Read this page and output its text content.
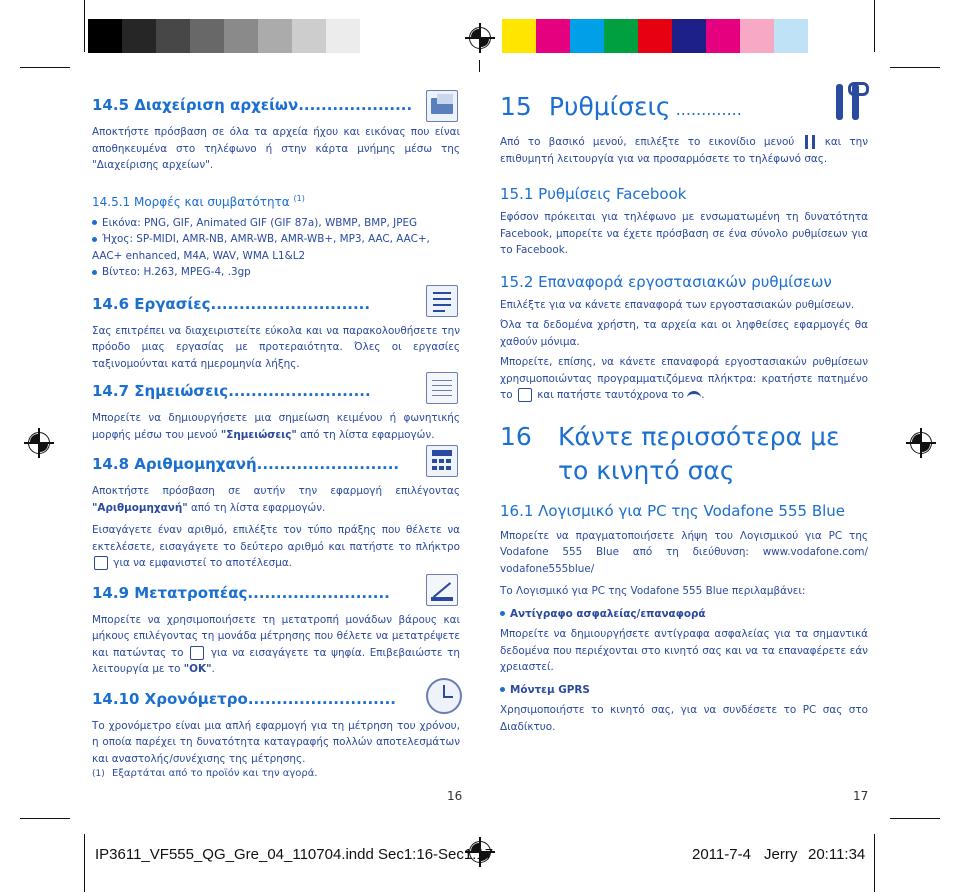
14.5 Διαχείριση αρχείων....................

Αποκτήστε πρόσβαση σε όλα τα αρχεία ήχου και εικόνας που είναι αποθηκευμένα στο τηλέφωνο ή στην κάρτα μνήμης μέσω της "Διαχείρισης αρχείων".

14.5.1 Μορφές και συμβατότητα $^{(1)}$

Εικόνα: PNG, GIF, Animated GIF (GIF 87a), WBMP, BMP, JPEG

Ήχος: SP-MIDI, AMR-NB, AMR-WB, AMR-WB+, MP3, AAC, AAC+, AAC+ enhanced, M4A, WAV, WMA L1&L2

Βίντεο: H.263, MPEG-4, .3gp

14.6 Εργασίες............................

Σας επιτρέπει να διαχειριστείτε εύκολα και να παρακολουθήσετε την πρόοδο μιας εργασίας με προτεραιότητα. Όλες οι εργασίες ταξινομούνται κατά ημερομηνία λήξης.

14.7 Σημειώσεις.........................

Μπορείτε να δημιουργήσετε μια σημείωση κειμένου ή φωνητικής μορφής μέσω του μενού "Σημειώσεις" από τη λίστα εφαρμογών.

14.8 Αριθμομηχανή.........................

Αποκτήστε πρόσβαση σε αυτήν την εφαρμογή επιλέγοντας "Αριθμομηχανή" από τη λίστα εφαρμογών.

Εισαγάγετε έναν αριθμό, επιλέξτε τον τύπο πράξης που θέλετε να εκτελέσετε, εισαγάγετε το δεύτερο αριθμό και πατήστε το πλήκτρο  για να εμφανιστεί το αποτέλεσμα.

14.9 Μετατροπέας.........................

Μπορείτε να χρησιμοποιήσετε τη μετατροπή μονάδων βάρους και μήκους επιλέγοντας τη μονάδα μέτρησης που θέλετε να μετατρέψετε και πατώντας το  για να εισαγάγετε τα ψηφία. Επιβεβαιώστε τη λειτουργία με το "OK".

14.10 Χρονόμετρο..........................

Το χρονόμετρο είναι μια απλή εφαρμογή για τη μέτρηση του χρόνου, η οποία παρέχει τη δυνατότητα καταγραφής πολλών αποτελεσμάτων και αναστολής/συνέχισης της μέτρησης.

(1) Εξαρτάται από το προϊόν και την αγορά.
16
15 Ρυθμίσεις .............

Από το βασικό μενού, επιλέξτε το εικονίδιο μενού	και την επιθυμητή λειτουργία για να προσαρμόσετε το τηλέφωνό σας.

15.1 Ρυθμίσεις Facebook

Εφόσον πρόκειται για τηλέφωνο με ενσωματωμένη τη δυνατότητα Facebook, μπορείτε να έχετε πρόσβαση σε ένα σύνολο ρυθμίσεων για το Facebook.

15.2 Επαναφορά εργοστασιακών ρυθμίσεων

Επιλέξτε για να κάνετε επαναφορά των εργοστασιακών ρυθμίσεων.

Όλα τα δεδομένα χρήστη, τα αρχεία και οι ληφθείσες εφαρμογές θα χαθούν μόνιμα.

Μπορείτε, επίσης, να κάνετε επαναφορά εργοστασιακών ρυθμίσεων χρησιμοποιώντας προγραμματιζόμενα πλήκτρα: κρατήστε πατημένο το  και πατήστε ταυτόχρονα το .

16 Κάντε περισσότερα με
το κινητό σας

16.1 Λογισμικό για PC της Vodafone 555 Blue

Μπορείτε να πραγματοποιήσετε λήψη του Λογισμικού για PC της Vodafone 555 Blue από τη διεύθυνση: www.vodafone.com/ vodafone555blue/

Το Λογισμικό για PC της Vodafone 555 Blue περιλαμβάνει:

Αντίγραφο ασφαλείας/επαναφορά

Μπορείτε να δημιουργήσετε αντίγραφα ασφαλείας για τα σημαντικά δεδομένα που περιέχονται στο κινητό σας και να τα επαναφέρετε εάν χρειαστεί.

Μόντεμ GPRS

Χρησιμοποιήστε το κινητό σας, για να συνδέσετε το PC σας στο Διαδίκτυο.

17
IP3611_VF555_QG_Gre_04_110704.indd Sec1:16-Sec1:17	2011-7-4 Jerry 20:11:34
